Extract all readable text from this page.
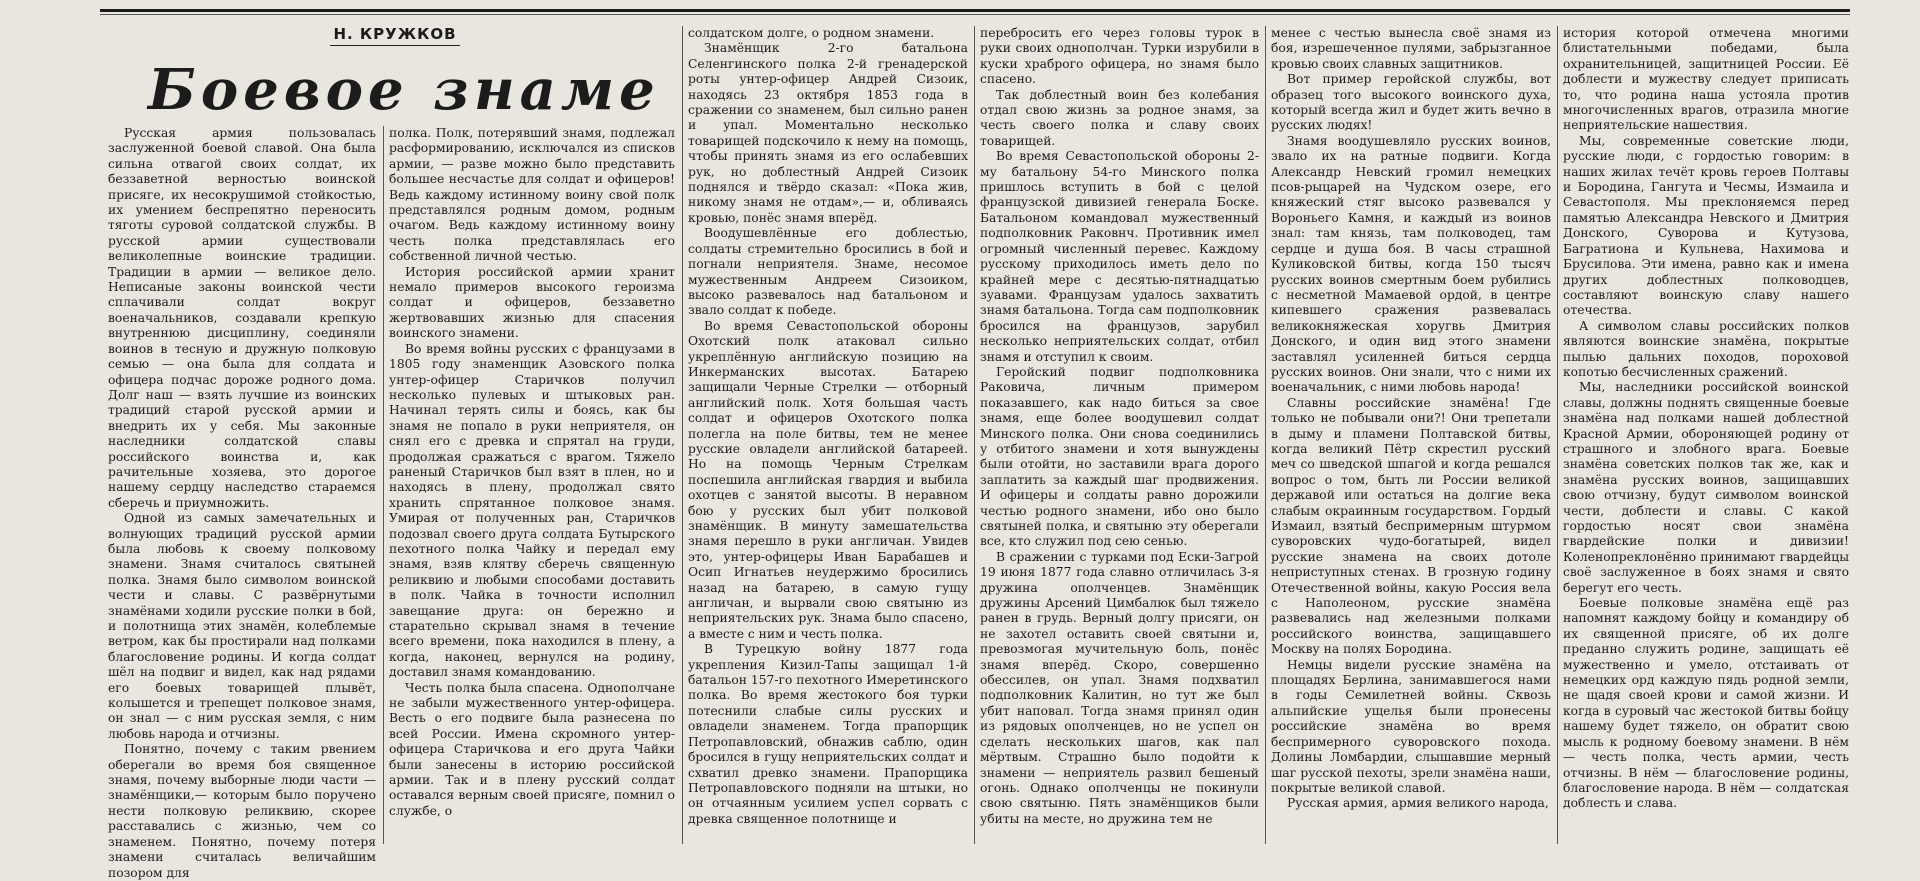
Н. КРУЖКОВ
Боевое знаме

Русская армия пользовалась заслуженной боевой славой. Она была сильна отвагой своих солдат, их беззаветной верностью воинской присяге, их несокрушимой стойкостью, их умением беспрепятно переносить тяготы суровой солдатской службы. В русской армии существовали великолепные воинские традиции. Традиции в армии — великое дело. Неписаные законы воинской чести сплачивали солдат вокруг военачальников, создавали крепкую внутреннюю дисциплину, соединяли воинов в тесную и дружную полковую семью — она была для солдата и офицера подчас дороже родного дома. Долг наш — взять лучшие из воинских традиций старой русской армии и внедрить их у себя. Мы законные наследники солдатской славы российского воинства и, как рачительные хозяева, это дорогое нашему сердцу наследство стараемся сберечь и приумножить.

Одной из самых замечательных и волнующих традиций русской армии была любовь к своему полковому знамени. Знамя считалось святыней полка. Знамя было символом воинской чести и славы. С развёрнутыми знамёнами ходили русские полки в бой, и полотнища этих знамён, колеблемые ветром, как бы простирали над полками благословение родины. И когда солдат шёл на подвиг и видел, как над рядами его боевых товарищей плывёт, колышется и трепещет полковое знамя, он знал — с ним русская земля, с ним любовь народа и отчизны.

Понятно, почему с таким рвением оберегали во время боя священное знамя, почему выборные люди части — знамёнщики,— которым было поручено нести полковую реликвию, скорее расставались с жизнью, чем со знаменем. Понятно, почему потеря знамени считалась величайшим позором для

полка. Полк, потерявший знамя, подлежал расформированию, исключался из списков армии, — разве можно было представить большее несчастье для солдат и офицеров! Ведь каждому истинному воину свой полк представлялся родным домом, родным очагом. Ведь каждому истинному воину честь полка представлялась его собственной личной честью.

История российской армии хранит немало примеров высокого героизма солдат и офицеров, беззаветно жертвовавших жизнью для спасения воинского знамени.

Во время войны русских с французами в 1805 году знаменщик Азовского полка унтер-офицер Старичков получил несколько пулевых и штыковых ран. Начинал терять силы и боясь, как бы знамя не попало в руки неприятеля, он снял его с древка и спрятал на груди, продолжая сражаться с врагом. Тяжело раненый Старичков был взят в плен, но и находясь в плену, продолжал свято хранить спрятанное полковое знамя. Умирая от полученных ран, Старичков подозвал своего друга солдата Бутырского пехотного полка Чайку и передал ему знамя, взяв клятву сберечь священную реликвию и любыми способами доставить в полк. Чайка в точности исполнил завещание друга: он бережно и старательно скрывал знамя в течение всего времени, пока находился в плену, а когда, наконец, вернулся на родину, доставил знамя командованию.

Честь полка была спасена. Однополчане не забыли мужественного унтер-офицера. Весть о его подвиге была разнесена по всей России. Имена скромного унтер-офицера Старичкова и его друга Чайки были занесены в историю российской армии. Так и в плену русский солдат оставался верным своей присяге, помнил о службе, о

солдатском долге, о родном знамени.

Знамёнщик 2-го батальона Селенгинского полка 2-й гренадерской роты унтер-офицер Андрей Сизоик, находясь 23 октября 1853 года в сражении со знаменем, был сильно ранен и упал. Моментально несколько товарищей подскочило к нему на помощь, чтобы принять знамя из его ослабевших рук, но доблестный Андрей Сизоик поднялся и твёрдо сказал: «Пока жив, никому знамя не отдам»,— и, обливаясь кровью, понёс знамя вперёд.

Воодушевлённые его доблестью, солдаты стремительно бросились в бой и погнали неприятеля. Знаме, несомое мужественным Андреем Сизоиком, высоко развевалось над батальоном и звало солдат к победе.

Во время Севастопольской обороны Охотский полк атаковал сильно укреплённую английскую позицию на Инкерманских высотах. Батарею защищали Черные Стрелки — отборный английский полк. Хотя большая часть солдат и офицеров Охотского полка полегла на поле битвы, тем не менее русские овладели английской батареей. Но на помощь Черным Стрелкам поспешила английская гвардия и выбила охотцев с занятой высоты. В неравном бою у русских был убит полковой знамёнщик. В минуту замешательства знамя перешло в руки англичан. Увидев это, унтер-офицеры Иван Барабашев и Осип Игнатьев неудержимо бросились назад на батарею, в самую гущу англичан, и вырвали свою святыню из неприятельских рук. Знама было спасено, а вместе с ним и честь полка.

В Турецкую войну 1877 года укрепления Кизил-Тапы защищал 1-й батальон 157-го пехотного Имеретинского полка. Во время жестокого боя турки потеснили слабые силы русских и овладели знаменем. Тогда прапорщик Петропавловский, обнажив саблю, один бросился в гущу неприятельских солдат и схватил древко знамени. Прапорщика Петропавловского подняли на штыки, но он отчаянным усилием успел сорвать с древка священное полотнище и

перебросить его через головы турок в руки своих однополчан. Турки изрубили в куски храброго офицера, но знамя было спасено.

Так доблестный воин без колебания отдал свою жизнь за родное знамя, за честь своего полка и славу своих товарищей.

Во время Севастопольской обороны 2-му батальону 54-го Минского полка пришлось вступить в бой с целой французской дивизией генерала Боске. Батальоном командовал мужественный подполковник Раковнч. Противник имел огромный численный перевес. Каждому русскому приходилось иметь дело по крайней мере с десятью-пятнадцатью зуавами. Французам удалось захватить знамя батальона. Тогда сам подполковник бросился на французов, зарубил несколько неприятельских солдат, отбил знамя и отступил к своим.

Геройский подвиг подполковника Раковича, личным примером показавшего, как надо биться за свое знамя, еще более воодушевил солдат Минского полка. Они снова соединились у отбитого знамени и хотя вынуждены были отойти, но заставили врага дорого заплатить за каждый шаг продвижения. И офицеры и солдаты равно дорожили честью родного знамени, ибо оно было святыней полка, и святыню эту оберегали все, кто служил под сею сенью.

В сражении с турками под Ески-Загрой 19 июня 1877 года славно отличилась 3-я дружина ополченцев. Знамёнщик дружины Арсений Цимбалюк был тяжело ранен в грудь. Верный долгу присяги, он не захотел оставить своей святыни и, превозмогая мучительную боль, понёс знамя вперёд. Скоро, совершенно обессилев, он упал. Знамя подхватил подполковник Калитин, но тут же был убит наповал. Тогда знамя принял один из рядовых ополченцев, но не успел он сделать нескольких шагов, как пал мёртвым. Страшно было подойти к знамени — неприятель развил бешеный огонь. Однако ополченцы не покинули свою святыню. Пять знамёнщиков были убиты на месте, но дружина тем не

менее с честью вынесла своё знамя из боя, изрешеченное пулями, забрызганное кровью своих славных защитников.

Вот пример геройской службы, вот образец того высокого воинского духа, который всегда жил и будет жить вечно в русских людях!

Знамя воодушевляло русских воинов, звало их на ратные подвиги. Когда Александр Невский громил немецких псов-рыцарей на Чудском озере, его княжеский стяг высоко развевался у Вороньего Камня, и каждый из воинов знал: там князь, там полководец, там сердце и душа боя. В часы страшной Куликовской битвы, когда 150 тысяч русских воинов смертным боем рубились с несметной Мамаевой ордой, в центре кипевшего сражения развевалась великокняжеская хоругвь Дмитрия Донского, и один вид этого знамени заставлял усиленней биться сердца русских воинов. Они знали, что с ними их военачальник, с ними любовь народа!

Славны российские знамёна! Где только не побывали они?! Они трепетали в дыму и пламени Полтавской битвы, когда великий Пётр скрестил русский меч со шведской шпагой и когда решался вопрос о том, быть ли России великой державой или остаться на долгие века слабым окраинным государством. Гордый Измаил, взятый беспримерным штурмом суворовских чудо-богатырей, видел русские знамена на своих дотоле неприступных стенах. В грозную годину Отечественной войны, какую Россия вела с Наполеоном, русские знамёна развевались над железными полками российского воинства, защищавшего Москву на полях Бородина.

Немцы видели русские знамёна на площадях Берлина, занимавшегося нами в годы Семилетней войны. Сквозь альпийские ущелья были пронесены российские знамёна во время беспримерного суворовского похода. Долины Ломбардии, слышавшие мерный шаг русской пехоты, зрели знамёна наши, покрытые великой славой.

Русская армия, армия великого народа,

история которой отмечена многими блистательными победами, была охранительницей, защитницей России. Её доблести и мужеству следует приписать то, что родина наша устояла против многочисленных врагов, отразила многие неприятельские нашествия.

Мы, современные советские люди, русские люди, с гордостью говорим: в наших жилах течёт кровь героев Полтавы и Бородина, Гангута и Чесмы, Измаила и Севастополя. Мы преклоняемся перед памятью Александра Невского и Дмитрия Донского, Суворова и Кутузова, Багратиона и Кульнева, Нахимова и Брусилова. Эти имена, равно как и имена других доблестных полководцев, составляют воинскую славу нашего отечества.

А символом славы российских полков являются воинские знамёна, покрытые пылью дальних походов, пороховой копотью бесчисленных сражений.

Мы, наследники российской воинской славы, должны поднять священные боевые знамёна над полками нашей доблестной Красной Армии, обороняющей родину от страшного и злобного врага. Боевые знамёна советских полков так же, как и знамёна русских воинов, защищавших свою отчизну, будут символом воинской чести, доблести и славы. С какой гордостью носят свои знамёна гвардейские полки и дивизии! Коленопреклонённо принимают гвардейцы своё заслуженное в боях знамя и свято берегут его честь.

Боевые полковые знамёна ещё раз напомнят каждому бойцу и командиру об их священной присяге, об их долге преданно служить родине, защищать её мужественно и умело, отстаивать от немецких орд каждую пядь родной земли, не щадя своей крови и самой жизни. И когда в суровый час жестокой битвы бойцу нашему будет тяжело, он обратит свою мысль к родному боевому знамени. В нём — честь полка, честь армии, честь отчизны. В нём — благословение родины, благословение народа. В нём — солдатская доблесть и слава.
